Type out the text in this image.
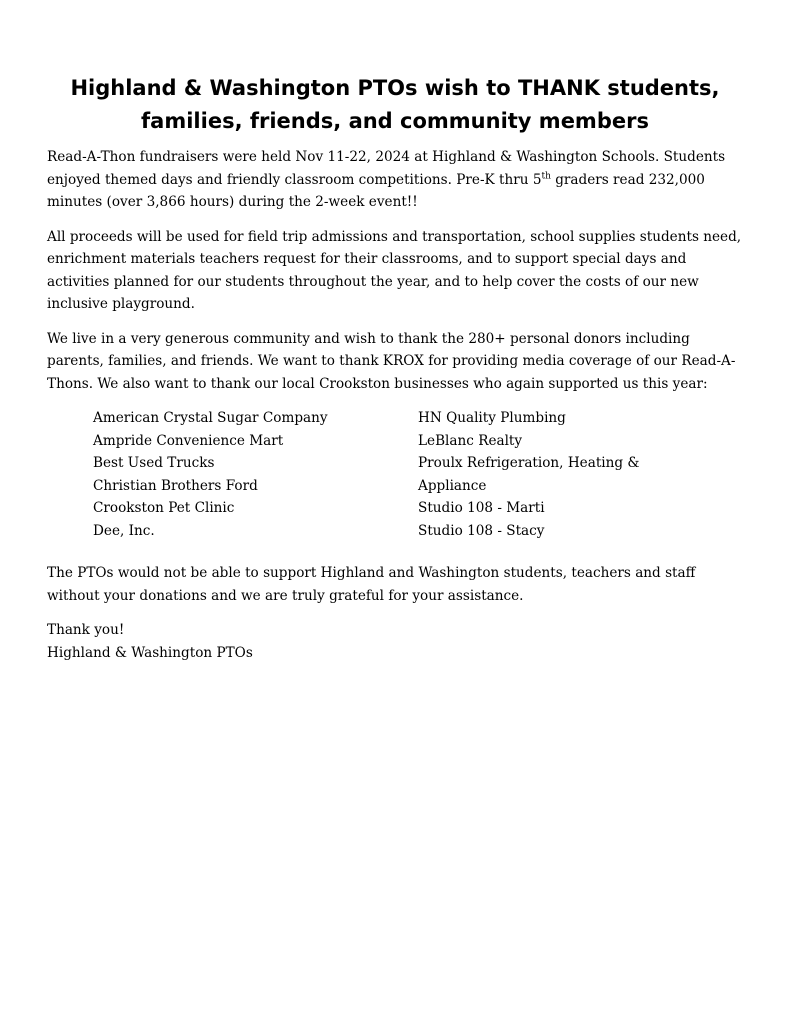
Highland & Washington PTOs wish to THANK students,
families, friends, and community members

Read-A-Thon fundraisers were held Nov 11-22, 2024 at Highland & Washington Schools. Students enjoyed themed days and friendly classroom competitions. Pre-K thru 5th graders read 232,000 minutes (over 3,866 hours) during the 2-week event!!

All proceeds will be used for field trip admissions and transportation, school supplies students need, enrichment materials teachers request for their classrooms, and to support special days and activities planned for our students throughout the year, and to help cover the costs of our new inclusive playground.

We live in a very generous community and wish to thank the 280+ personal donors including parents, families, and friends. We want to thank KROX for providing media coverage of our Read-A-Thons. We also want to thank our local Crookston businesses who again supported us this year:

American Crystal Sugar Company
Ampride Convenience Mart
Best Used Trucks
Christian Brothers Ford
Crookston Pet Clinic
Dee, Inc.
HN Quality Plumbing
LeBlanc Realty
Proulx Refrigeration, Heating &
Appliance
Studio 108 - Marti
Studio 108 - Stacy

The PTOs would not be able to support Highland and Washington students, teachers and staff without your donations and we are truly grateful for your assistance.

Thank you!
Highland & Washington PTOs
